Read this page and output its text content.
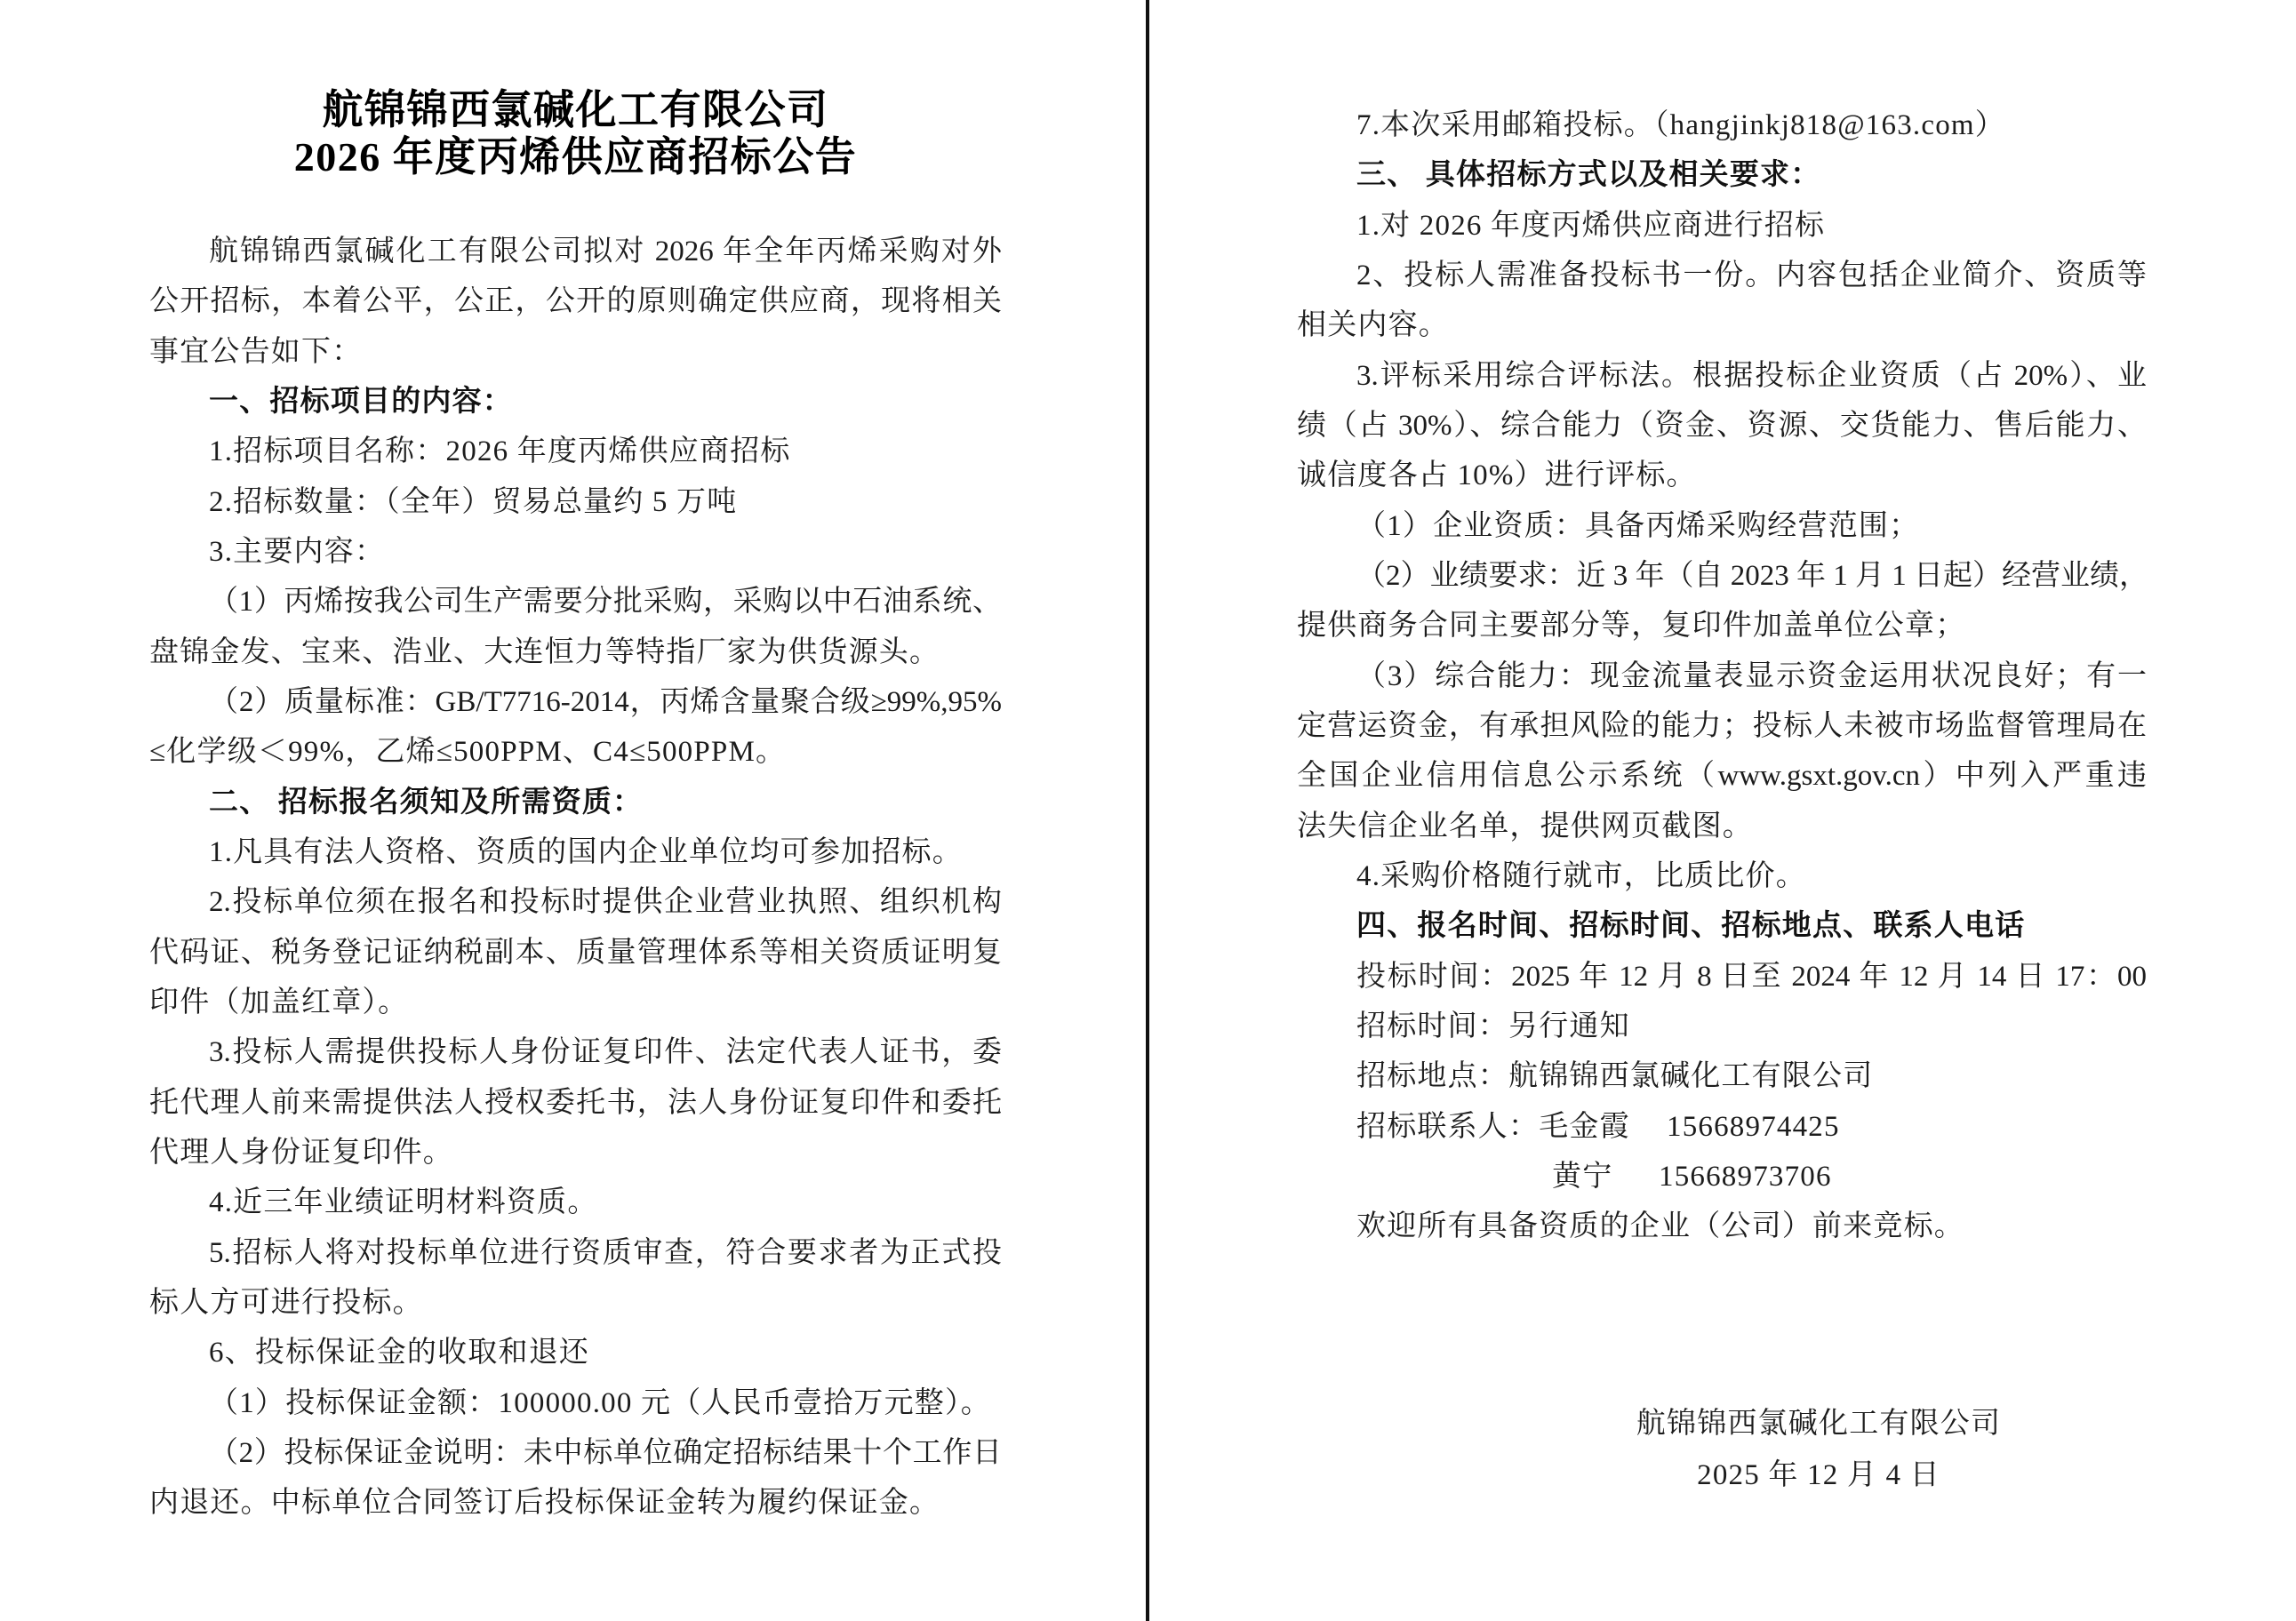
航锦锦西氯碱化工有限公司
2026 年度丙烯供应商招标公告
航锦锦西氯碱化工有限公司拟对 2026 年全年丙烯采购对外
公开招标，本着公平，公正，公开的原则确定供应商，现将相关
事宜公告如下：
一、招标项目的内容：
1.招标项目名称：2026 年度丙烯供应商招标
2.招标数量：（全年）贸易总量约 5 万吨
3.主要内容：
（1）丙烯按我公司生产需要分批采购，采购以中石油系统、
盘锦金发、宝来、浩业、大连恒力等特指厂家为供货源头。
（2）质量标准：GB/T7716-2014，丙烯含量聚合级≥99%,95%
≤化学级＜99%，乙烯≤500PPM、C4≤500PPM。
二、 招标报名须知及所需资质：
1.凡具有法人资格、资质的国内企业单位均可参加招标。
2.投标单位须在报名和投标时提供企业营业执照、组织机构
代码证、税务登记证纳税副本、质量管理体系等相关资质证明复
印件（加盖红章）。
3.投标人需提供投标人身份证复印件、法定代表人证书，委
托代理人前来需提供法人授权委托书，法人身份证复印件和委托
代理人身份证复印件。
4.近三年业绩证明材料资质。
5.招标人将对投标单位进行资质审查，符合要求者为正式投
标人方可进行投标。
6、投标保证金的收取和退还
（1）投标保证金额：100000.00 元（人民币壹拾万元整）。
（2）投标保证金说明：未中标单位确定招标结果十个工作日
内退还。中标单位合同签订后投标保证金转为履约保证金。
7.本次采用邮箱投标。（hangjinkj818@163.com）
三、 具体招标方式以及相关要求：
1.对 2026 年度丙烯供应商进行招标
2、投标人需准备投标书一份。内容包括企业简介、资质等
相关内容。
3.评标采用综合评标法。根据投标企业资质（占 20%）、业
绩（占 30%）、综合能力（资金、资源、交货能力、售后能力、
诚信度各占 10%）进行评标。
（1）企业资质：具备丙烯采购经营范围；
（2）业绩要求：近 3 年（自 2023 年 1 月 1 日起）经营业绩，
提供商务合同主要部分等，复印件加盖单位公章；
（3）综合能力：现金流量表显示资金运用状况良好；有一
定营运资金，有承担风险的能力；投标人未被市场监督管理局在
全国企业信用信息公示系统（www.gsxt.gov.cn）中列入严重违
法失信企业名单，提供网页截图。
4.采购价格随行就市，比质比价。
四、报名时间、招标时间、招标地点、联系人电话
投标时间：2025 年 12 月 8 日至 2024 年 12 月 14 日 17：00
招标时间：另行通知
招标地点：航锦锦西氯碱化工有限公司
招标联系人：毛金霞 15668974425
黄宁 15668973706
欢迎所有具备资质的企业（公司）前来竞标。
航锦锦西氯碱化工有限公司
2025 年 12 月 4 日
